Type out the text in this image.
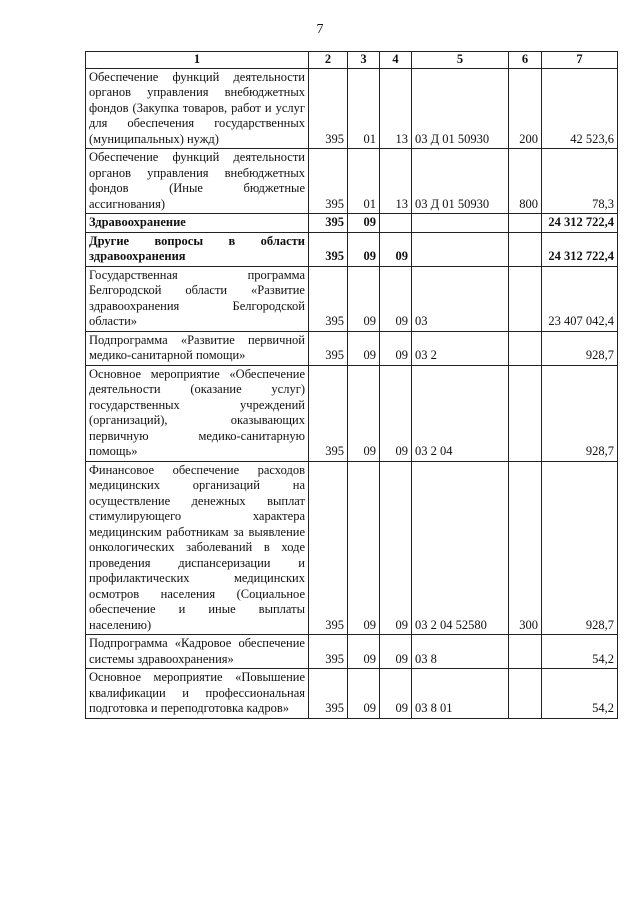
7
1	2	3	4	5	6	7
Обеспечение функций деятельности органов управления внебюджетных фондов (Закупка товаров, работ и услуг для обеспечения государственных (муниципальных) нужд)	395	01	13	03 Д 01 50930	200	42 523,6
Обеспечение функций деятельности органов управления внебюджетных фондов (Иные бюджетные ассигнования)	395	01	13	03 Д 01 50930	800	78,3
Здравоохранение	395	09				24 312 722,4
Другие вопросы в области здравоохранения	395	09	09			24 312 722,4
Государственная программа Белгородской области «Развитие здравоохранения Белгородской области»	395	09	09	03		23 407 042,4
Подпрограмма «Развитие первичной медико-санитарной помощи»	395	09	09	03 2		928,7
Основное мероприятие «Обеспечение деятельности (оказание услуг) государственных учреждений (организаций), оказывающих первичную медико-санитарную помощь»	395	09	09	03 2 04		928,7
Финансовое обеспечение расходов медицинских организаций на осуществление денежных выплат стимулирующего характера медицинским работникам за выявление онкологических заболеваний в ходе проведения диспансеризации и профилактических медицинских осмотров населения (Социальное обеспечение и иные выплаты населению)	395	09	09	03 2 04 52580	300	928,7
Подпрограмма «Кадровое обеспечение системы здравоохранения»	395	09	09	03 8		54,2
Основное мероприятие «Повышение квалификации и профессиональная подготовка и переподготовка кадров»	395	09	09	03 8 01		54,2
